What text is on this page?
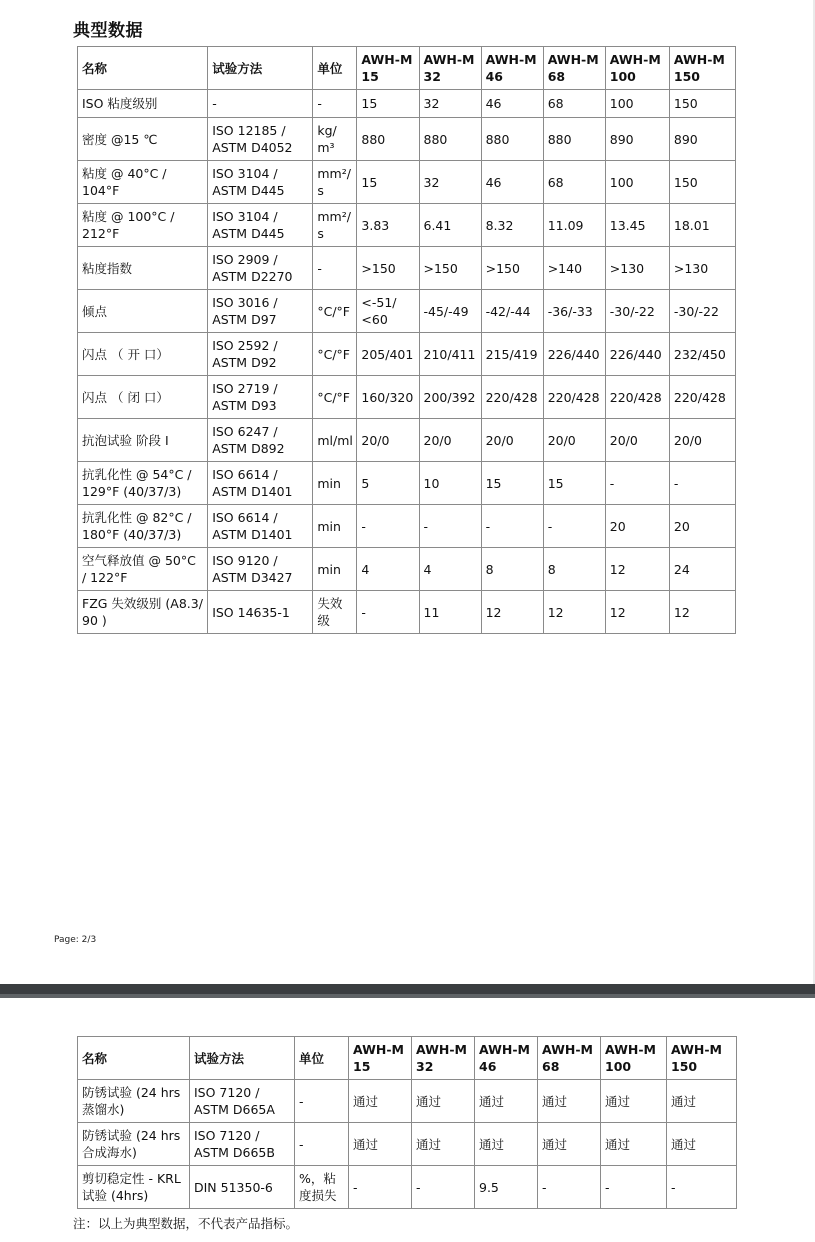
典型数据
名称	试验方法	单位	AWH-M 15	AWH-M 32	AWH-M 46	AWH-M 68	AWH-M 100	AWH-M 150
ISO 粘度级别	-	-	15	32	46	68	100	150
密度 @15 ℃	ISO 12185 / ASTM D4052	kg/ m³	880	880	880	880	890	890
粘度 @ 40°C / 104°F	ISO 3104 / ASTM D445	mm²/ s	15	32	46	68	100	150
粘度 @ 100°C / 212°F	ISO 3104 / ASTM D445	mm²/ s	3.83	6.41	8.32	11.09	13.45	18.01
粘度指数	ISO 2909 / ASTM D2270	-	>150	>150	>150	>140	>130	>130
倾点	ISO 3016 / ASTM D97	°C/°F	<-51/ <60	-45/-49	-42/-44	-36/-33	-30/-22	-30/-22
闪点 （ 开 口）	ISO 2592 / ASTM D92	°C/°F	205/401	210/411	215/419	226/440	226/440	232/450
闪点 （ 闭 口）	ISO 2719 / ASTM D93	°C/°F	160/320	200/392	220/428	220/428	220/428	220/428
抗泡试验 阶段 I	ISO 6247 / ASTM D892	ml/ml	20/0	20/0	20/0	20/0	20/0	20/0
抗乳化性 @ 54°C / 129°F (40/37/3)	ISO 6614 / ASTM D1401	min	5	10	15	15	-	-
抗乳化性 @ 82°C / 180°F (40/37/3)	ISO 6614 / ASTM D1401	min	-	-	-	-	20	20
空气释放值 @ 50°C / 122°F	ISO 9120 / ASTM D3427	min	4	4	8	8	12	24
FZG 失效级别 (A8.3/ 90 )	ISO 14635-1	失效 级	-	11	12	12	12	12
Page: 2/3
名称	试验方法	单位	AWH-M 15	AWH-M 32	AWH-M 46	AWH-M 68	AWH-M 100	AWH-M 150
防锈试验 (24 hrs 蒸馏水)	ISO 7120 / ASTM D665A	-	通过	通过	通过	通过	通过	通过
防锈试验 (24 hrs 合成海水)	ISO 7120 / ASTM D665B	-	通过	通过	通过	通过	通过	通过
剪切稳定性 - KRL 试验 (4hrs)	DIN 51350-6	%，粘 度损失	-	-	9.5	-	-	-
注：以上为典型数据，不代表产品指标。
